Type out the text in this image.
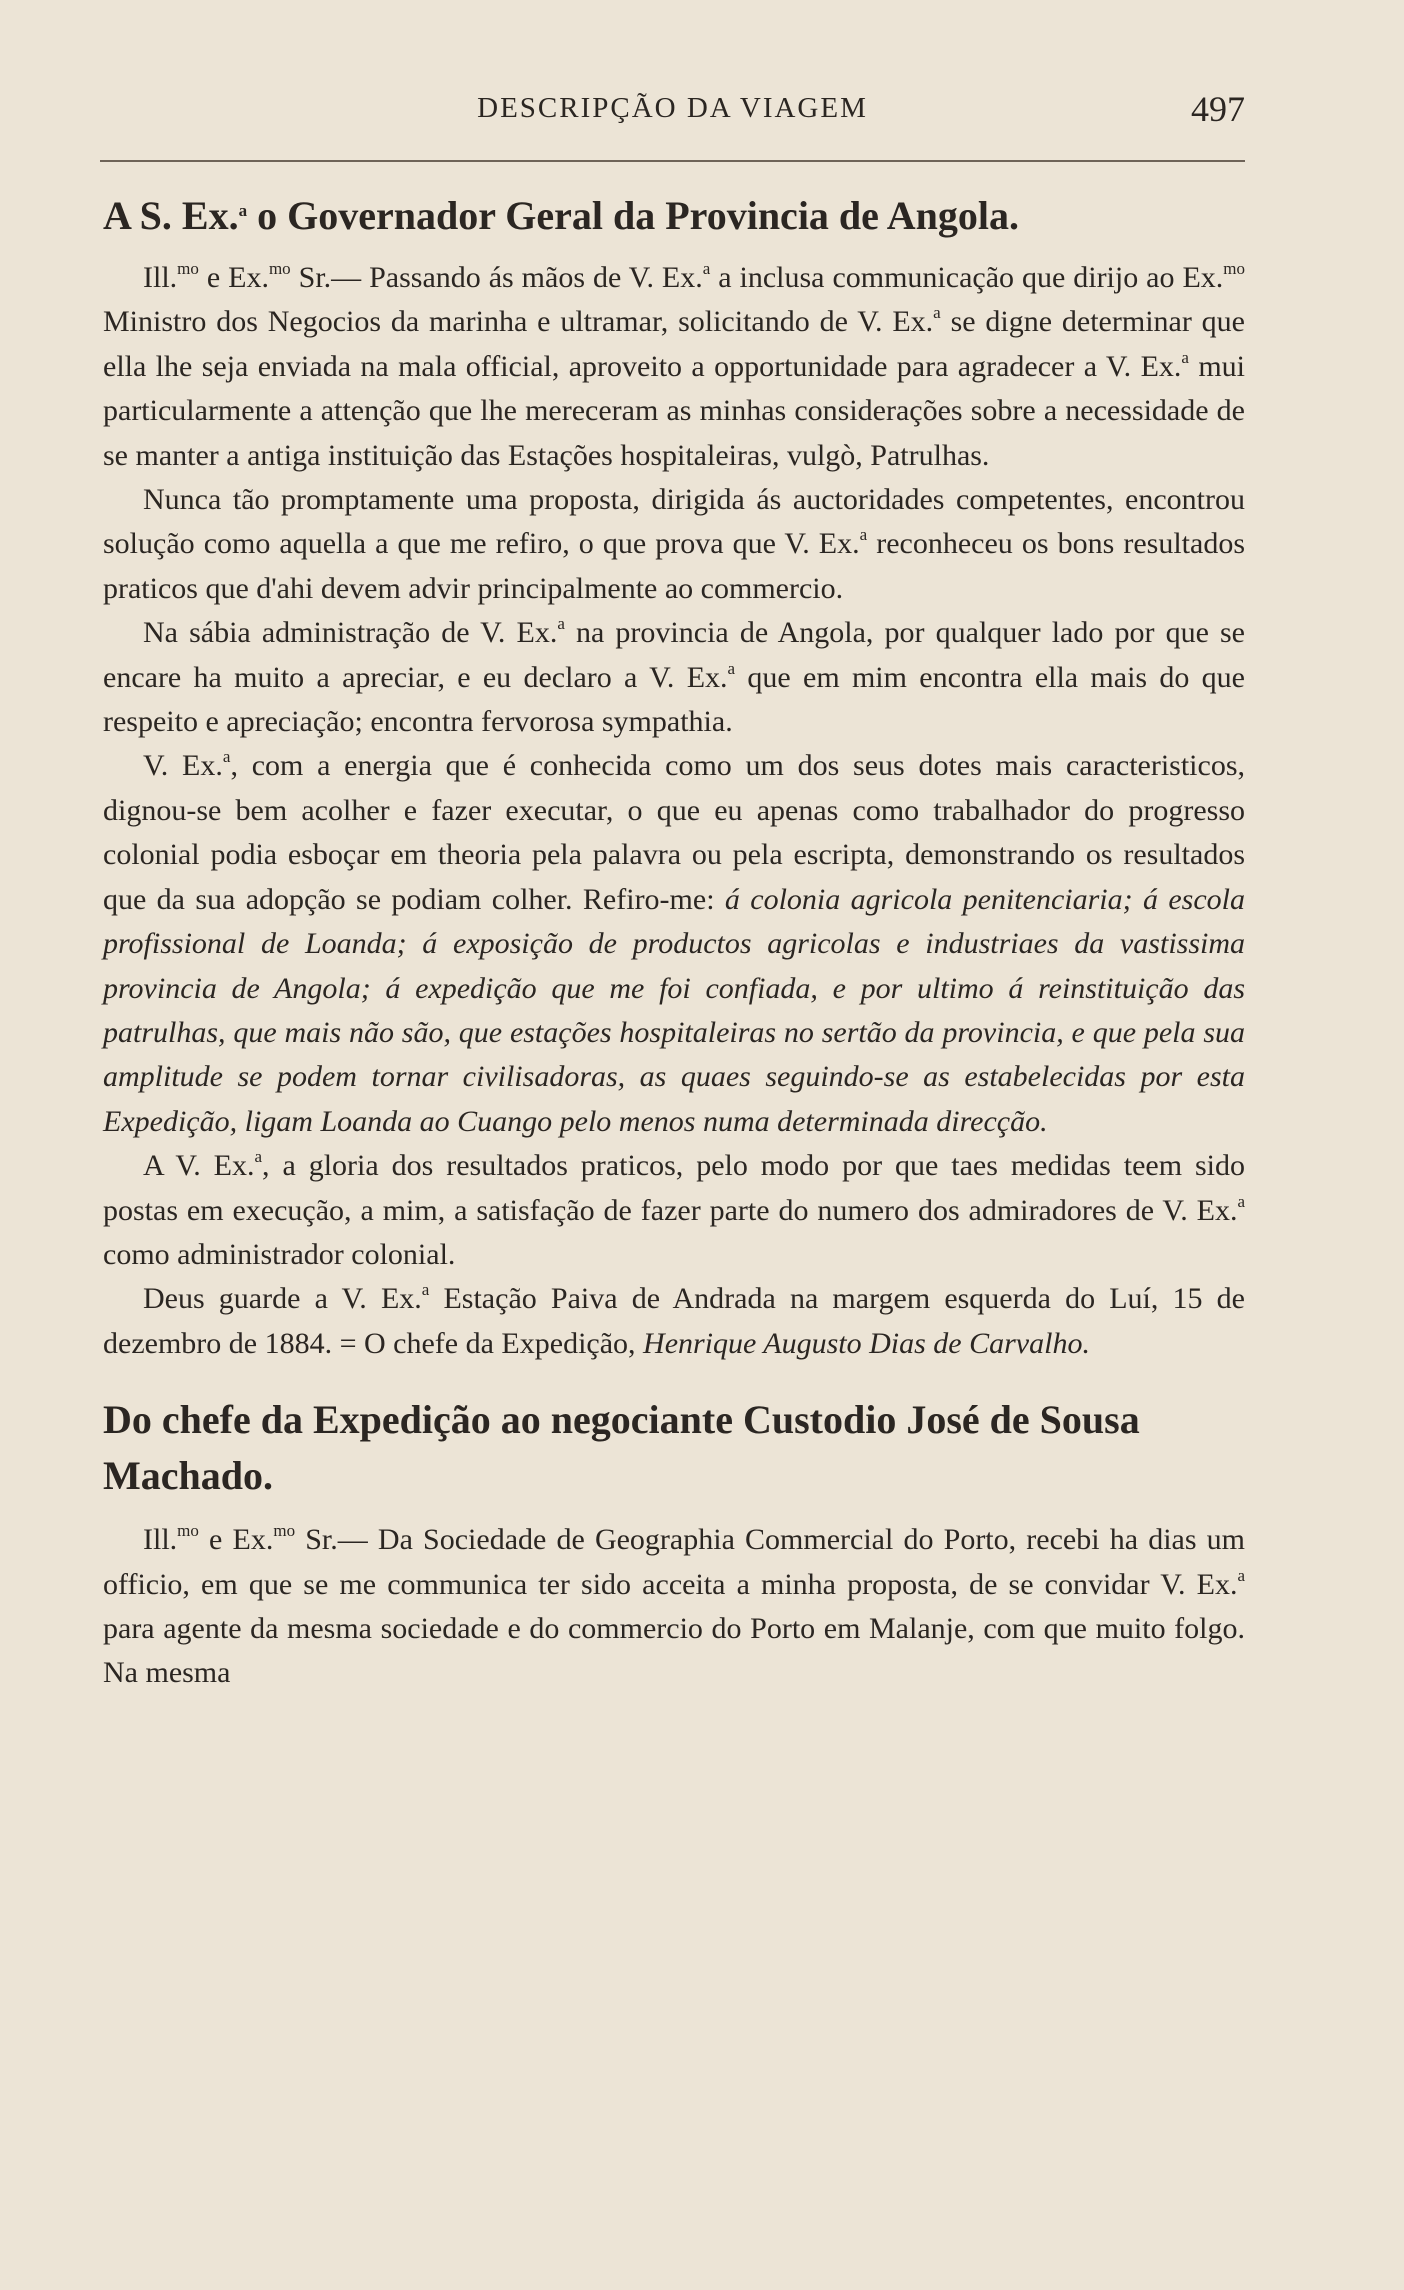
DESCRIPÇÃO DA VIAGEM	497
A S. Ex.$^a$ o Governador Geral da Provincia de Angola.

Ill.$^{mo}$ e Ex.$^{mo}$ Sr.— Passando ás mãos de V. Ex.$^a$ a inclusa communicação que dirijo ao Ex.$^{mo}$ Ministro dos Negocios da marinha e ultramar, solicitando de V. Ex.$^a$ se digne determinar que ella lhe seja enviada na mala official, aproveito a opportunidade para agradecer a V. Ex.$^a$ mui particularmente a attenção que lhe mereceram as minhas considerações sobre a necessidade de se manter a antiga instituição das Estações hospitaleiras, vulgò, Patrulhas.

Nunca tão promptamente uma proposta, dirigida ás auctoridades competentes, encontrou solução como aquella a que me refiro, o que prova que V. Ex.$^a$ reconheceu os bons resultados praticos que d'ahi devem advir principalmente ao commercio.

Na sábia administração de V. Ex.$^a$ na provincia de Angola, por qualquer lado por que se encare ha muito a apreciar, e eu declaro a V. Ex.$^a$ que em mim encontra ella mais do que respeito e apreciação; encontra fervorosa sympathia.

V. Ex.$^a$, com a energia que é conhecida como um dos seus dotes mais caracteristicos, dignou-se bem acolher e fazer executar, o que eu apenas como trabalhador do progresso colonial podia esboçar em theoria pela palavra ou pela escripta, demonstrando os resultados que da sua adopção se podiam colher. Refiro-me: á colonia agricola penitenciaria; á escola profissional de Loanda; á exposição de productos agricolas e industriaes da vastissima provincia de Angola; á expedição que me foi confiada, e por ultimo á reinstituição das patrulhas, que mais não são, que estações hospitaleiras no sertão da provincia, e que pela sua amplitude se podem tornar civilisadoras, as quaes seguindo-se as estabelecidas por esta Expedição, ligam Loanda ao Cuango pelo menos numa determinada direcção.

A V. Ex.$^a$, a gloria dos resultados praticos, pelo modo por que taes medidas teem sido postas em execução, a mim, a satisfação de fazer parte do numero dos admiradores de V. Ex.$^a$ como administrador colonial.

Deus guarde a V. Ex.$^a$ Estação Paiva de Andrada na margem esquerda do Luí, 15 de dezembro de 1884. = O chefe da Expedição, Henrique Augusto Dias de Carvalho.

Do chefe da Expedição ao negociante Custodio José de Sousa Machado.

Ill.$^{mo}$ e Ex.$^{mo}$ Sr.— Da Sociedade de Geographia Commercial do Porto, recebi ha dias um officio, em que se me communica ter sido acceita a minha proposta, de se convidar V. Ex.$^a$ para agente da mesma sociedade e do commercio do Porto em Malanje, com que muito folgo. Na mesma
